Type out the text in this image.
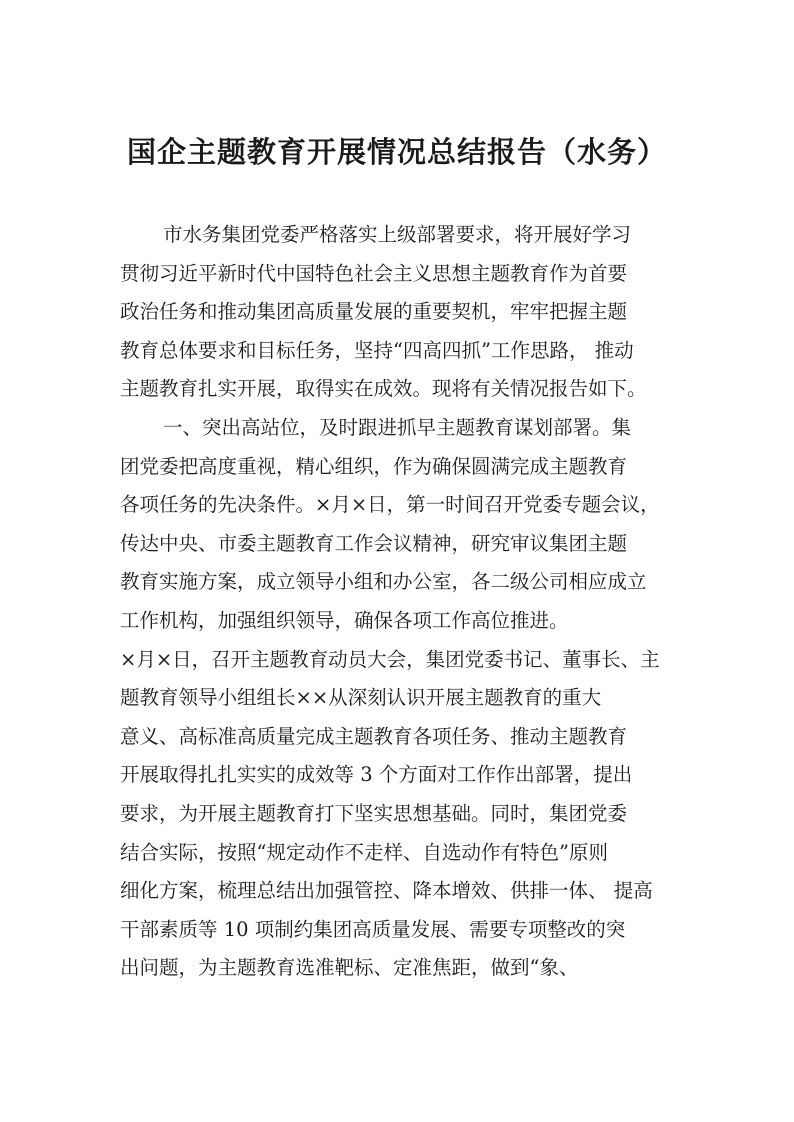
国企主题教育开展情况总结报告（水务）
市水务集团党委严格落实上级部署要求，将开展好学习
贯彻习近平新时代中国特色社会主义思想主题教育作为首要
政治任务和推动集团高质量发展的重要契机，牢牢把握主题
教育总体要求和目标任务，坚持“四高四抓”工作思路， 推动
主题教育扎实开展，取得实在成效。现将有关情况报告如下。
一、突出高站位，及时跟进抓早主题教育谋划部署。集
团党委把高度重视，精心组织，作为确保圆满完成主题教育
各项任务的先决条件。×月×日，第一时间召开党委专题会议，
传达中央、市委主题教育工作会议精神，研究审议集团主题
教育实施方案，成立领导小组和办公室，各二级公司相应成立
工作机构，加强组织领导，确保各项工作高位推进。
×月×日，召开主题教育动员大会，集团党委书记、董事长、主
题教育领导小组组长××从深刻认识开展主题教育的重大
意义、高标准高质量完成主题教育各项任务、推动主题教育
开展取得扎扎实实的成效等 3 个方面对工作作出部署，提出
要求，为开展主题教育打下坚实思想基础。同时，集团党委
结合实际，按照“规定动作不走样、自选动作有特色”原则
细化方案，梳理总结出加强管控、降本增效、供排一体、 提高
干部素质等 10 项制约集团高质量发展、需要专项整改的突
出问题，为主题教育选准靶标、定准焦距，做到“象、
